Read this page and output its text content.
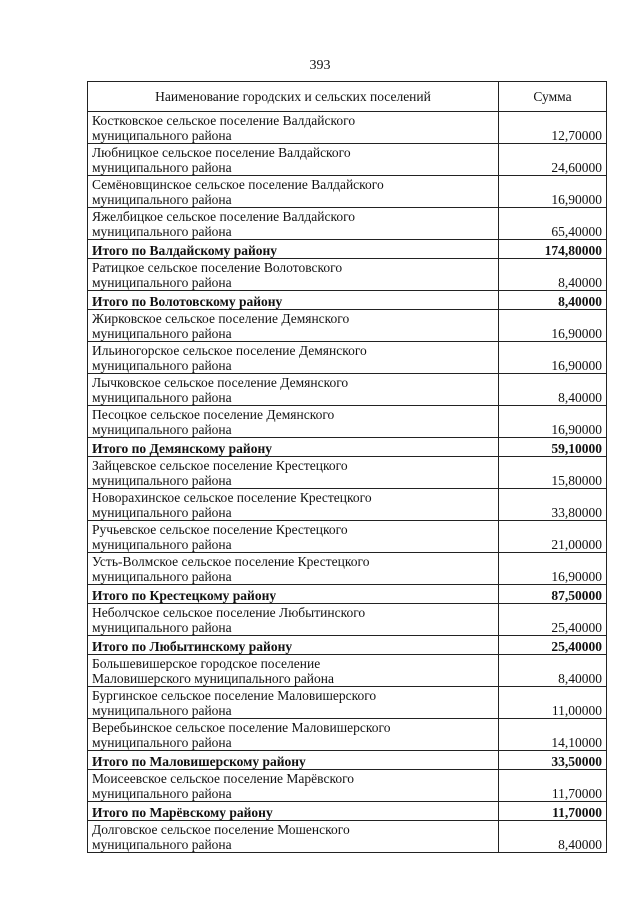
393
Наименование городских и сельских поселений	Сумма

Костковское сельское поселение Валдайского
муниципального района	12,70000

Любницкое сельское поселение Валдайского
муниципального района	24,60000

Семёновщинское сельское поселение Валдайского
муниципального района	16,90000

Яжелбицкое сельское поселение Валдайского
муниципального района	65,40000
Итого по Валдайскому району	174,80000

Ратицкое сельское поселение Волотовского
муниципального района	8,40000
Итого по Волотовскому району	8,40000

Жирковское сельское поселение Демянского
муниципального района	16,90000

Ильиногорское сельское поселение Демянского
муниципального района	16,90000

Лычковское сельское поселение Демянского
муниципального района	8,40000

Песоцкое сельское поселение Демянского
муниципального района	16,90000
Итого по Демянскому району	59,10000

Зайцевское сельское поселение Крестецкого
муниципального района	15,80000

Новорахинское сельское поселение Крестецкого
муниципального района	33,80000

Ручьевское сельское поселение Крестецкого
муниципального района	21,00000

Усть-Волмское сельское поселение Крестецкого
муниципального района	16,90000
Итого по Крестецкому району	87,50000

Неболчское сельское поселение Любытинского
муниципального района	25,40000
Итого по Любытинскому району	25,40000

Большевишерское городское поселение
Маловишерского муниципального района	8,40000

Бургинское сельское поселение Маловишерского
муниципального района	11,00000

Веребьинское сельское поселение Маловишерского
муниципального района	14,10000
Итого по Маловишерскому району	33,50000

Моисеевское сельское поселение Марёвского
муниципального района	11,70000
Итого по Марёвскому району	11,70000

Долговское сельское поселение Мошенского
муниципального района	8,40000
